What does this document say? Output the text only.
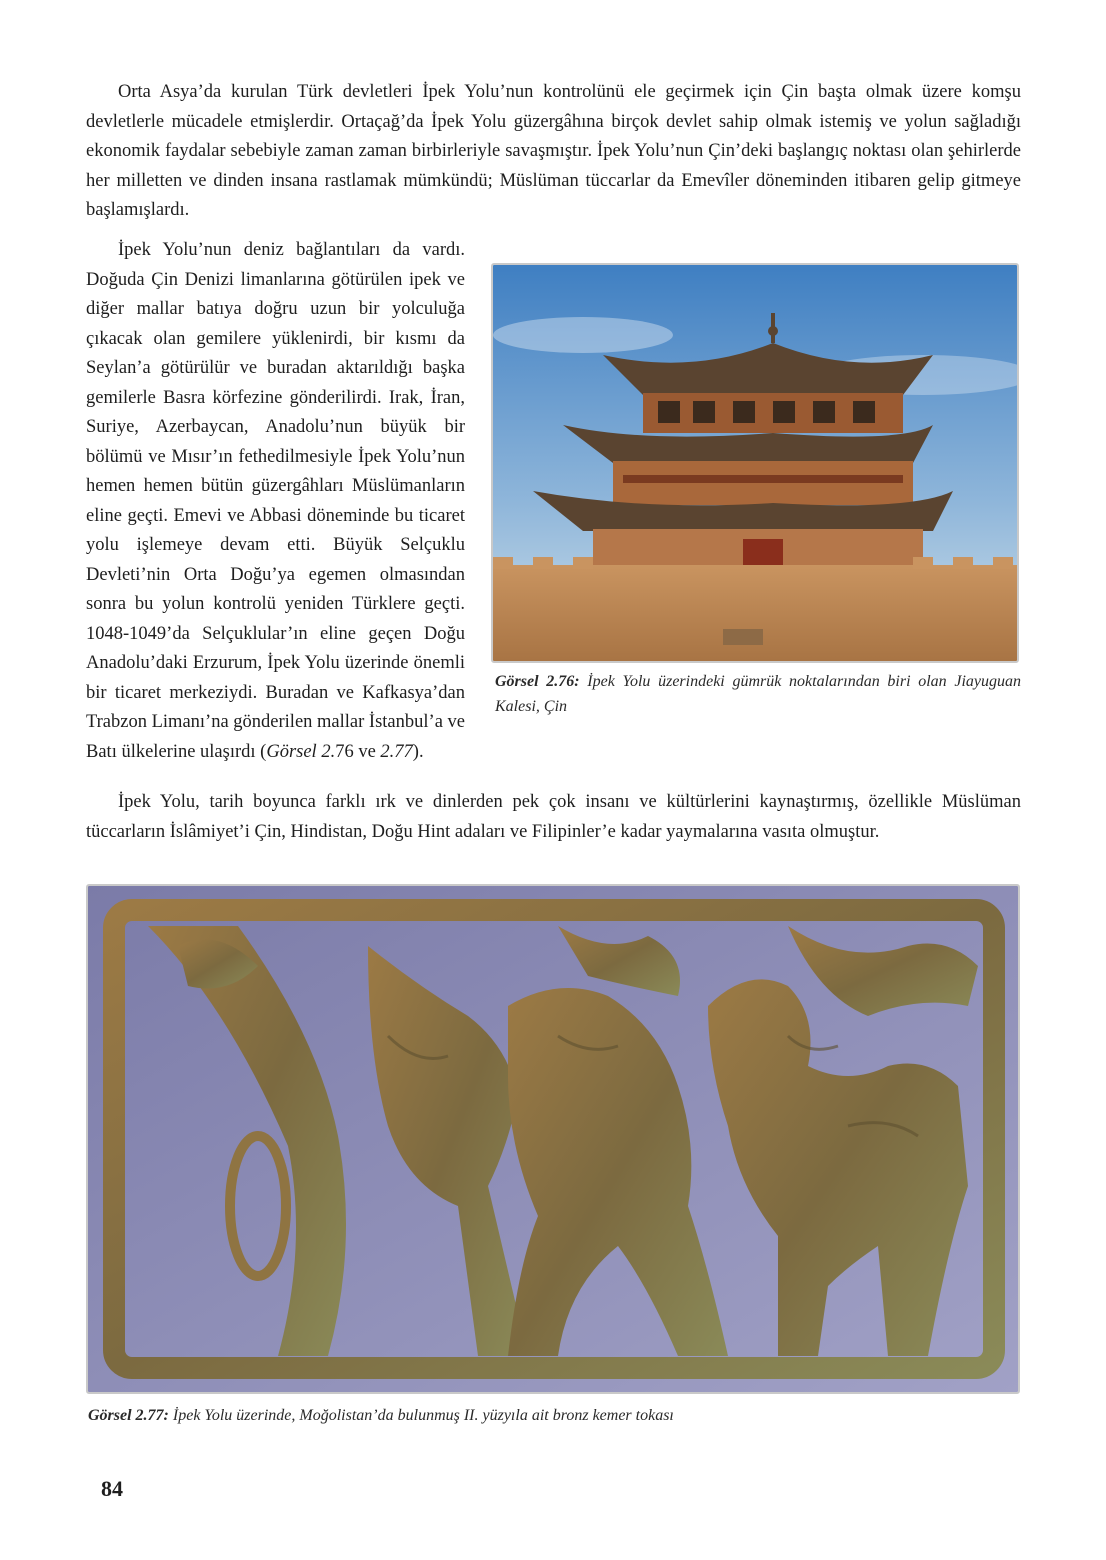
Orta Asya’da kurulan Türk devletleri İpek Yolu’nun kontrolünü ele geçirmek için Çin başta olmak üzere komşu devletlerle mücadele etmişlerdir. Ortaçağ’da İpek Yolu güzergâhına birçok devlet sahip olmak istemiş ve yolun sağladığı ekonomik faydalar sebebiyle zaman zaman birbirleriyle savaşmıştır. İpek Yolu’nun Çin’deki başlangıç noktası olan şehirlerde her milletten ve dinden insana rastlamak mümkündü; Müslüman tüccarlar da Emevîler döneminden itibaren gelip gitmeye başlamışlardı.

Görsel 2.76: İpek Yolu üzerindeki gümrük noktalarından biri olan Jiayuguan Kalesi, Çin

İpek Yolu’nun deniz bağlantıları da vardı. Doğuda Çin Denizi limanlarına götürülen ipek ve diğer mallar batıya doğru uzun bir yolculuğa çıkacak olan gemilere yüklenirdi, bir kısmı da Seylan’a götürülür ve buradan aktarıldığı başka gemilerle Basra körfezine gönderilirdi. Irak, İran, Suriye, Azerbaycan, Anadolu’nun büyük bir bölümü ve Mısır’ın fethedilmesiyle İpek Yolu’nun hemen hemen bütün güzergâhları Müslümanların eline geçti. Emevi ve Abbasi döneminde bu ticaret yolu işlemeye devam etti. Büyük Selçuklu Devleti’nin Orta Doğu’ya egemen olmasından sonra bu yolun kontrolü yeniden Türklere geçti. 1048-1049’da Selçuklular’ın eline geçen Doğu Anadolu’daki Erzurum, İpek Yolu üzerinde önemli bir ticaret merkeziydi. Buradan ve Kafkasya’dan Trabzon Limanı’na gönderilen mallar İstanbul’a ve Batı ülkelerine ulaşırdı (Görsel 2.76 ve 2.77).

İpek Yolu, tarih boyunca farklı ırk ve dinlerden pek çok insanı ve kültürlerini kaynaştırmış, özellikle Müslüman tüccarların İslâmiyet’i Çin, Hindistan, Doğu Hint adaları ve Filipinler’e kadar yaymalarına vasıta olmuştur.

Görsel 2.77: İpek Yolu üzerinde, Moğolistan’da bulunmuş II. yüzyıla ait bronz kemer tokası

84
